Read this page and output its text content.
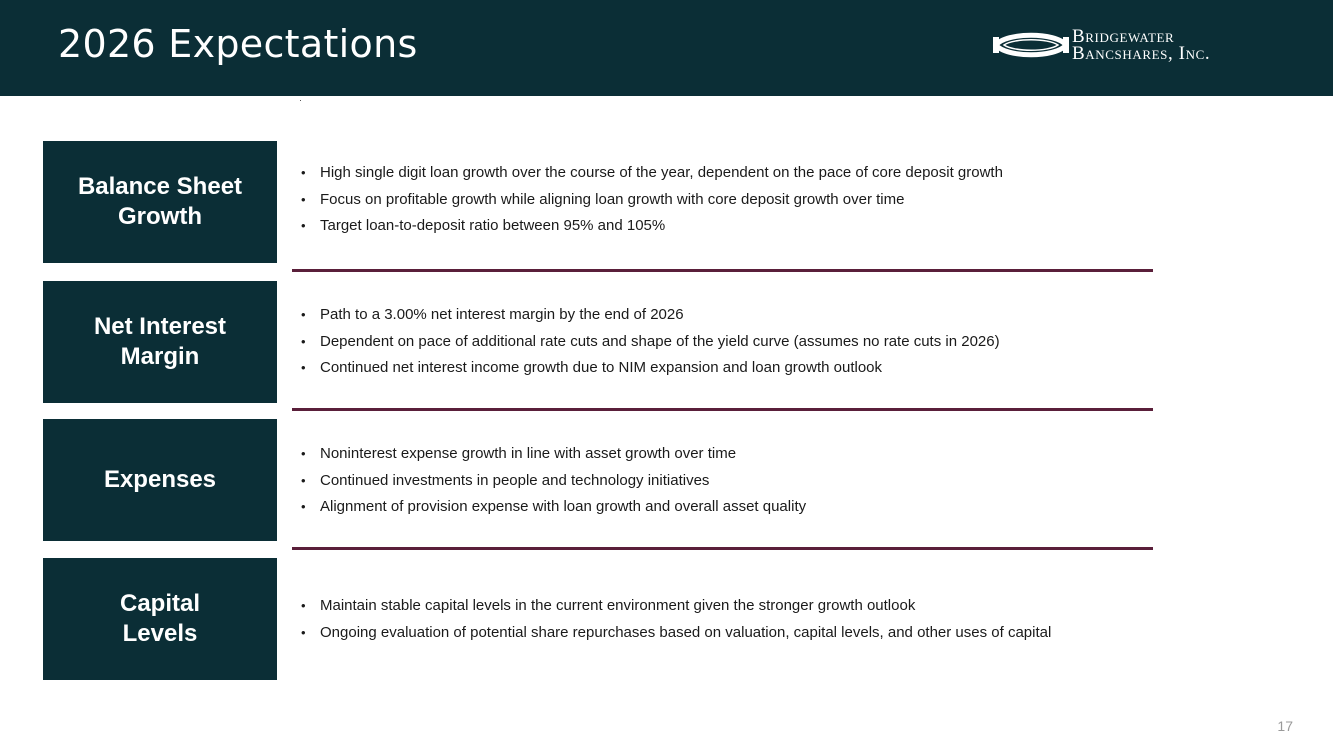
2026 Expectations	Bridgewater
Bancshares, Inc.
Balance Sheet
Growth
• High single digit loan growth over the course of the year, dependent on the pace of core deposit growth
• Focus on profitable growth while aligning loan growth with core deposit growth over time
• Target loan-to-deposit ratio between 95% and 105%
Net Interest
Margin
• Path to a 3.00% net interest margin by the end of 2026
• Dependent on pace of additional rate cuts and shape of the yield curve (assumes no rate cuts in 2026)
• Continued net interest income growth due to NIM expansion and loan growth outlook
Expenses
• Noninterest expense growth in line with asset growth over time
• Continued investments in people and technology initiatives
• Alignment of provision expense with loan growth and overall asset quality
Capital
Levels
• Maintain stable capital levels in the current environment given the stronger growth outlook
• Ongoing evaluation of potential share repurchases based on valuation, capital levels, and other uses of capital
17
